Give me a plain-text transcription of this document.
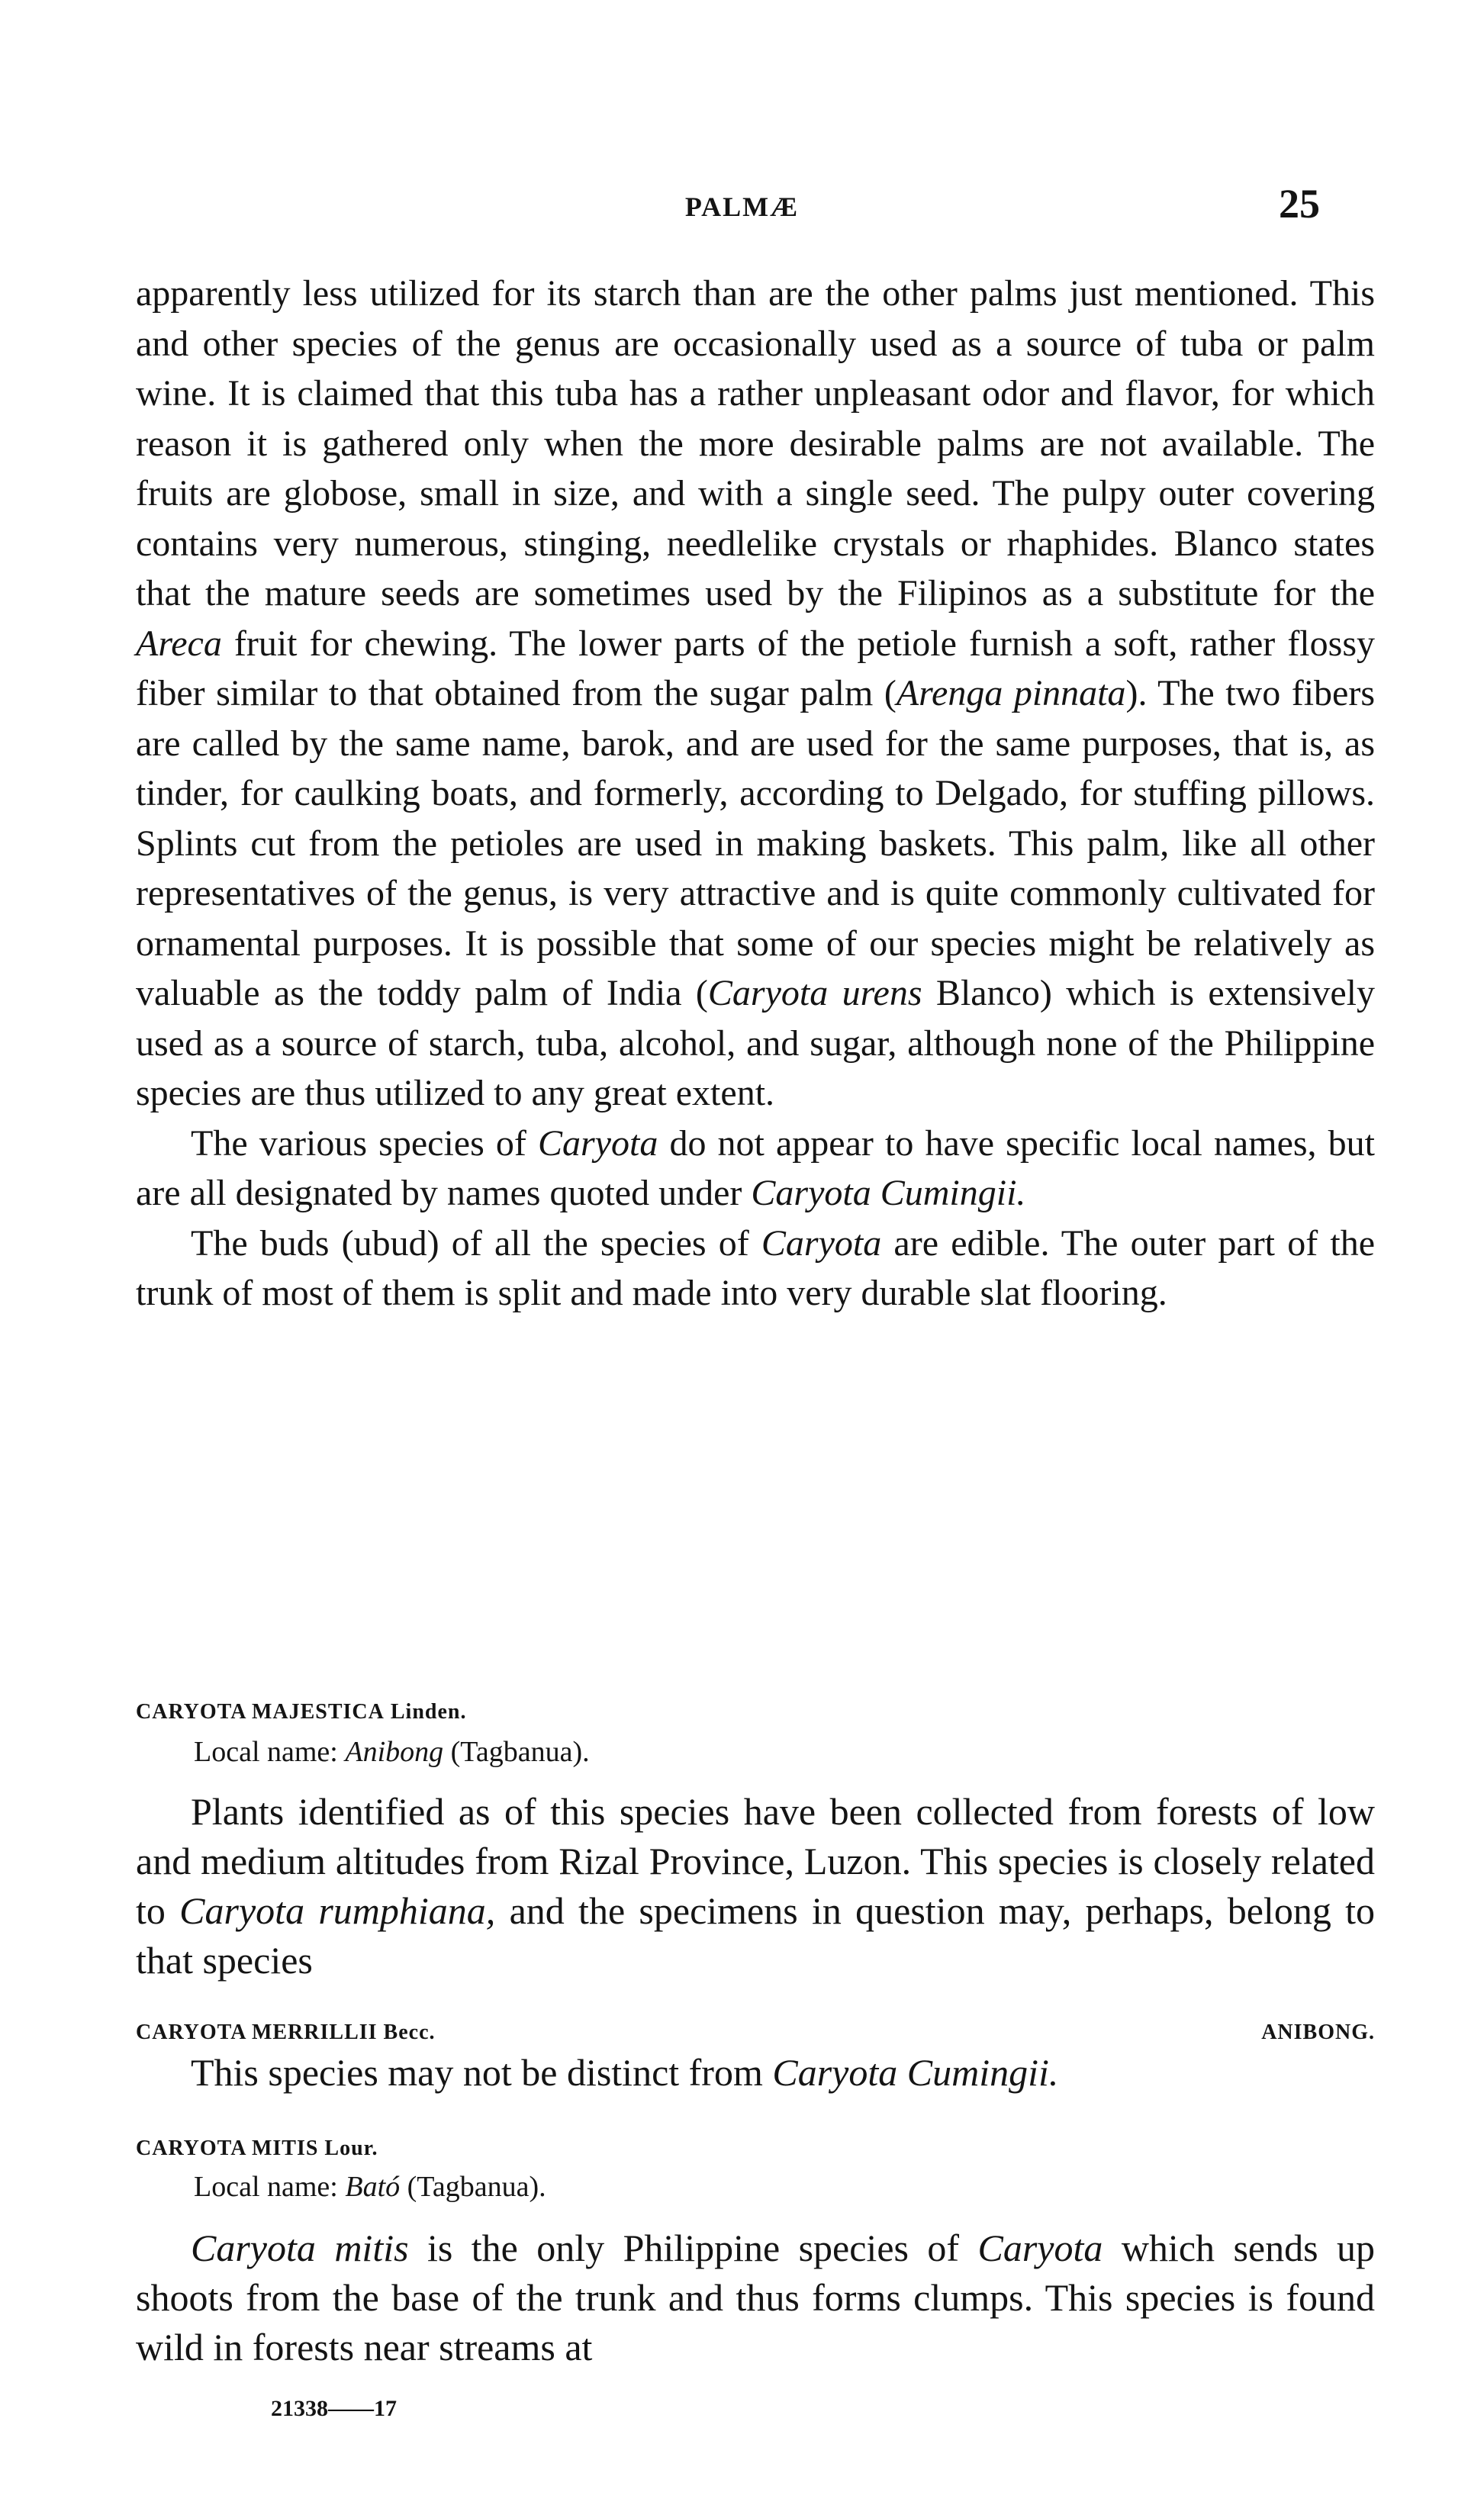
PALMÆ	25

apparently less utilized for its starch than are the other palms just mentioned. This and other species of the genus are occasionally used as a source of tuba or palm wine. It is claimed that this tuba has a rather unpleasant odor and flavor, for which reason it is gathered only when the more desirable palms are not available. The fruits are globose, small in size, and with a single seed. The pulpy outer covering contains very numerous, stinging, needlelike crystals or rhaphides. Blanco states that the mature seeds are sometimes used by the Filipinos as a substitute for the Areca fruit for chewing. The lower parts of the petiole furnish a soft, rather flossy fiber similar to that obtained from the sugar palm (Arenga pinnata). The two fibers are called by the same name, barok, and are used for the same purposes, that is, as tinder, for caulking boats, and formerly, according to Delgado, for stuffing pillows. Splints cut from the petioles are used in making baskets. This palm, like all other representatives of the genus, is very attractive and is quite commonly cultivated for ornamental purposes. It is possible that some of our species might be relatively as valuable as the toddy palm of India (Caryota urens Blanco) which is extensively used as a source of starch, tuba, alcohol, and sugar, although none of the Philippine species are thus utilized to any great extent.

The various species of Caryota do not appear to have specific local names, but are all designated by names quoted under Caryota Cumingii.

The buds (ubud) of all the species of Caryota are edible. The outer part of the trunk of most of them is split and made into very durable slat flooring.

CARYOTA MAJESTICA
Linden.

Local name: Anibong (Tagbanua).

Plants identified as of this species have been collected from forests of low and medium altitudes from Rizal Province, Luzon. This species is closely related to Caryota rumphiana, and the specimens in question may, perhaps, belong to that species

CARYOTA MERRILLII Becc.	ANIBONG.

This species may not be distinct from Caryota Cumingii.

CARYOTA MITIS
Lour.

Local name: Bató (Tagbanua).

Caryota mitis is the only Philippine species of Caryota which sends up shoots from the base of the trunk and thus forms clumps. This species is found wild in forests near streams at

21338——17
